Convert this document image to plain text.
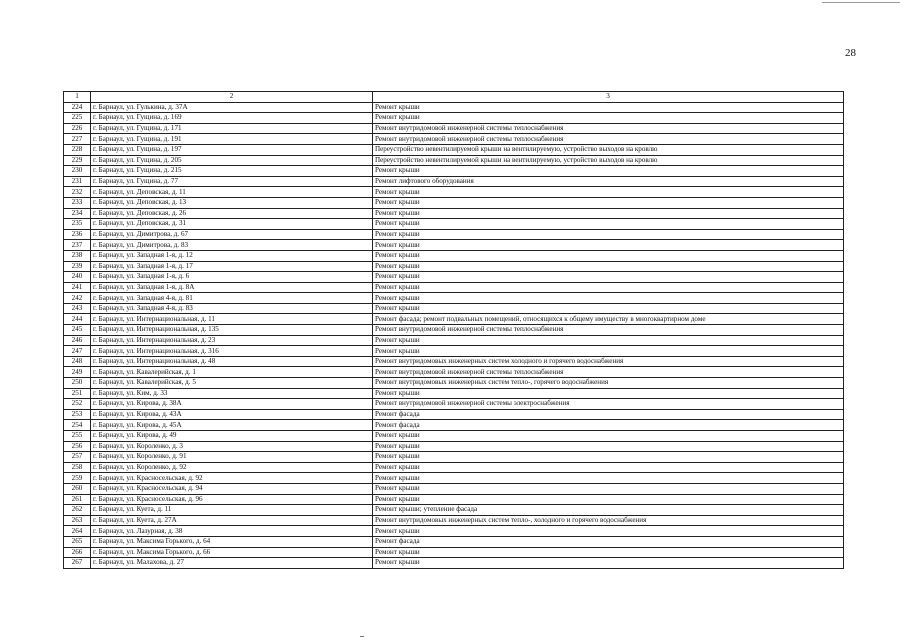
28
1	2	3
224	г. Барнаул, ул. Гулькина, д. 37А	Ремонт крыши
225	г. Барнаул, ул. Гущина, д. 169	Ремонт крыши
226	г. Барнаул, ул. Гущина, д. 171	Ремонт внутридомовой инженерной системы теплоснабжения
227	г. Барнаул, ул. Гущина, д. 191	Ремонт внутридомовой инженерной системы теплоснабжения
228	г. Барнаул, ул. Гущина, д. 197	Переустройство невентилируемой крыши на вентилируемую, устройство выходов на кровлю
229	г. Барнаул, ул. Гущина, д. 205	Переустройство невентилируемой крыши на вентилируемую, устройство выходов на кровлю
230	г. Барнаул, ул. Гущина, д. 215	Ремонт крыши
231	г. Барнаул, ул. Гущина, д. 77	Ремонт лифтового оборудования
232	г. Барнаул, ул. Деповская, д. 11	Ремонт крыши
233	г. Барнаул, ул. Деповская, д. 13	Ремонт крыши
234	г. Барнаул, ул. Деповская, д. 26	Ремонт крыши
235	г. Барнаул, ул. Деповская, д. 31	Ремонт крыши
236	г. Барнаул, ул. Димитрова, д. 67	Ремонт крыши
237	г. Барнаул, ул. Димитрова, д. 83	Ремонт крыши
238	г. Барнаул, ул. Западная 1-я, д. 12	Ремонт крыши
239	г. Барнаул, ул. Западная 1-я, д. 17	Ремонт крыши
240	г. Барнаул, ул. Западная 1-я, д. 6	Ремонт крыши
241	г. Барнаул, ул. Западная 1-я, д. 8А	Ремонт крыши
242	г. Барнаул, ул. Западная 4-я, д. 81	Ремонт крыши
243	г. Барнаул, ул. Западная 4-я, д. 83	Ремонт крыши
244	г. Барнаул, ул. Интернациональная, д. 11	Ремонт фасада; ремонт подвальных помещений, относящихся к общему имуществу в многоквартирном доме
245	г. Барнаул, ул. Интернациональная, д. 135	Ремонт внутридомовой инженерной системы теплоснабжения
246	г. Барнаул, ул. Интернациональная, д. 23	Ремонт крыши
247	г. Барнаул, ул. Интернациональная, д. 316	Ремонт крыши
248	г. Барнаул, ул. Интернациональная, д. 48	Ремонт внутридомовых инженерных систем холодного и горячего водоснабжения
249	г. Барнаул, ул. Кавалерийская, д. 1	Ремонт внутридомовой инженерной системы теплоснабжения
250	г. Барнаул, ул. Кавалерийская, д. 5	Ремонт внутридомовых инженерных систем тепло-, горячего водоснабжения
251	г. Барнаул, ул. Ким, д. 33	Ремонт крыши
252	г. Барнаул, ул. Кирова, д. 38А	Ремонт внутридомовой инженерной системы электроснабжения
253	г. Барнаул, ул. Кирова, д. 43А	Ремонт фасада
254	г. Барнаул, ул. Кирова, д. 45А	Ремонт фасада
255	г. Барнаул, ул. Кирова, д. 49	Ремонт крыши
256	г. Барнаул, ул. Короленко, д. 3	Ремонт крыши
257	г. Барнаул, ул. Короленко, д. 91	Ремонт крыши
258	г. Барнаул, ул. Короленко, д. 92	Ремонт крыши
259	г. Барнаул, ул. Красносельская, д. 92	Ремонт крыши
260	г. Барнаул, ул. Красносельская, д. 94	Ремонт крыши
261	г. Барнаул, ул. Красносельская, д. 96	Ремонт крыши
262	г. Барнаул, ул. Куета, д. 11	Ремонт крыши; утепление фасада
263	г. Барнаул, ул. Куета, д. 27А	Ремонт внутридомовых инженерных систем тепло-, холодного и горячего водоснабжения
264	г. Барнаул, ул. Лазурная, д. 38	Ремонт крыши
265	г. Барнаул, ул. Максима Горького, д. 64	Ремонт фасада
266	г. Барнаул, ул. Максима Горького, д. 66	Ремонт крыши
267	г. Барнаул, ул. Малахова, д. 27	Ремонт крыши
